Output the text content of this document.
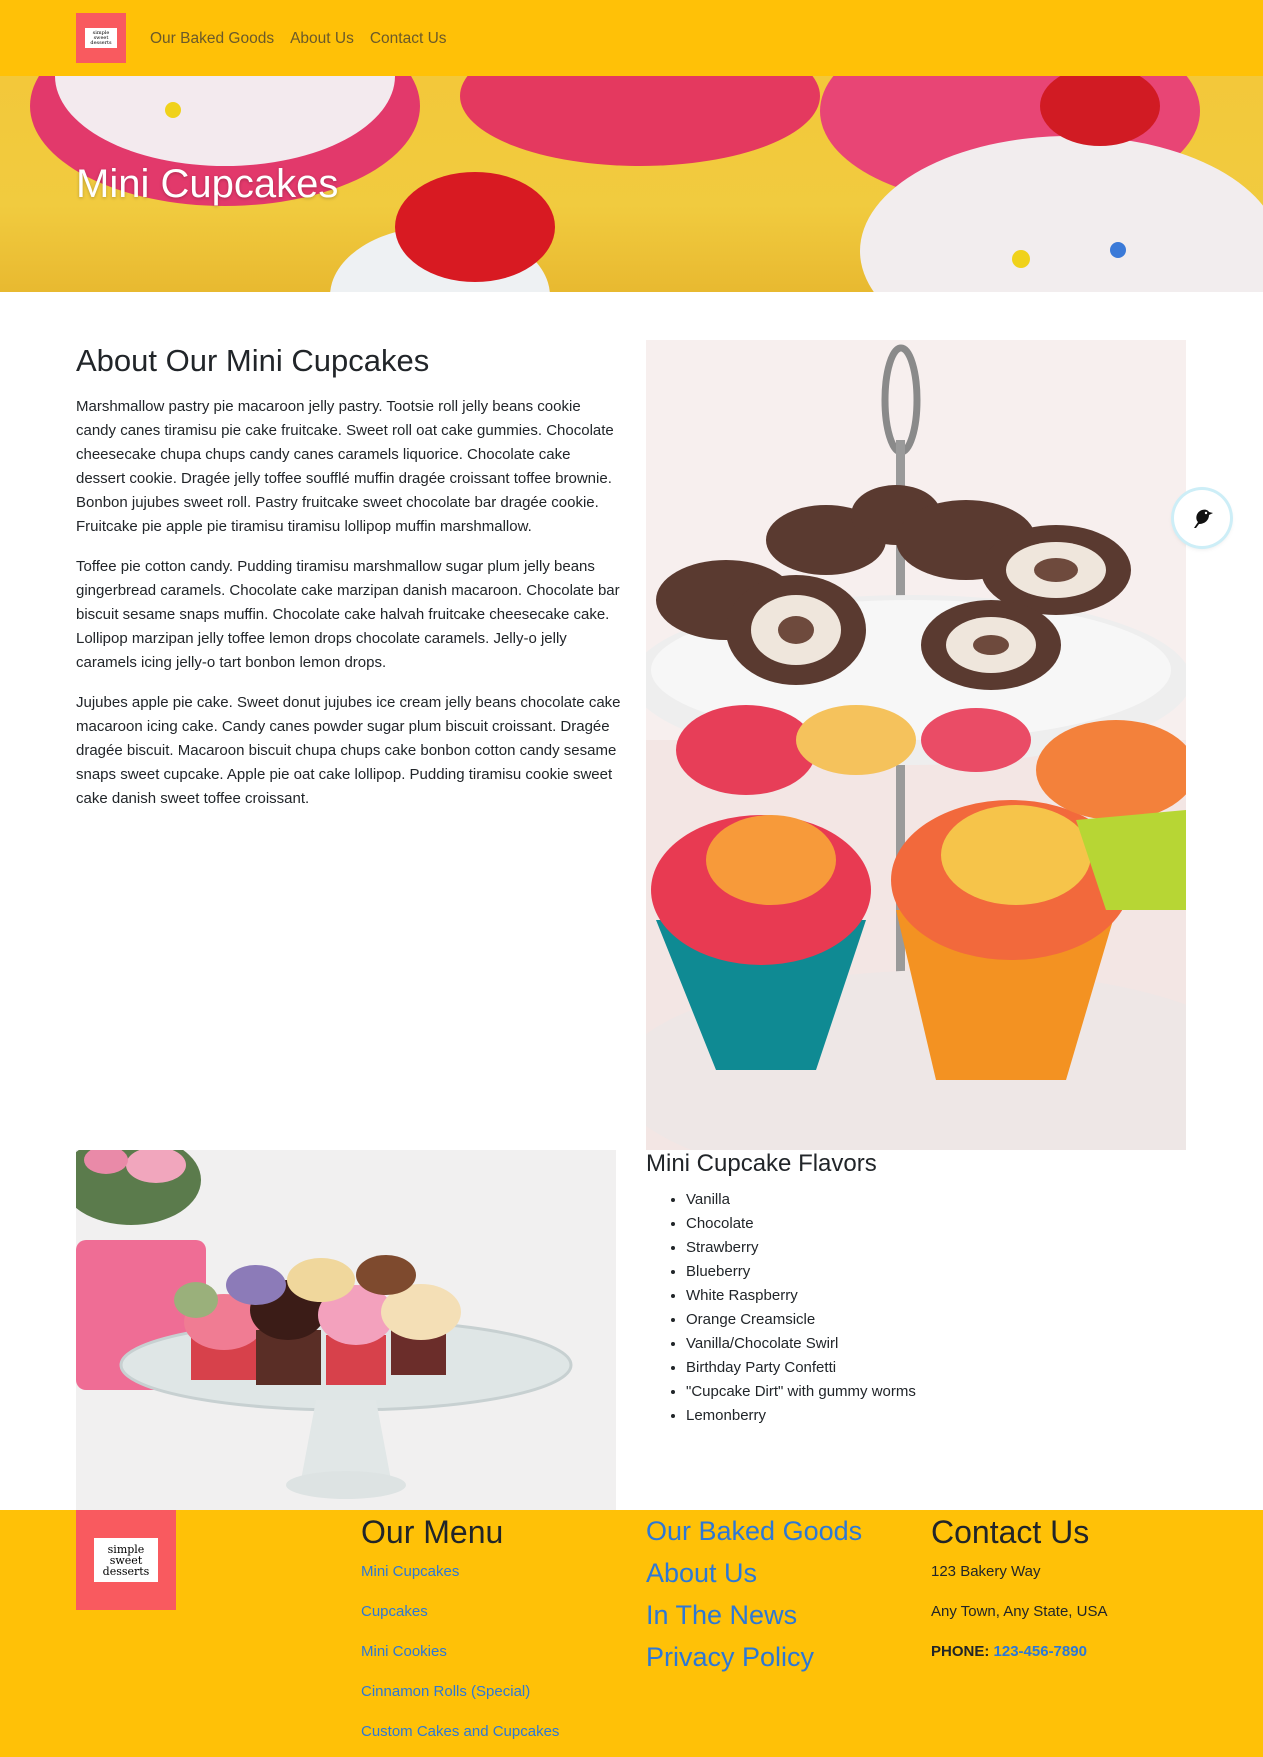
simple
sweet
desserts	Our Baked Goods About Us Contact Us
Mini Cupcakes
About Our Mini Cupcakes

Marshmallow pastry pie macaroon jelly pastry. Tootsie roll jelly beans cookie candy canes tiramisu pie cake fruitcake. Sweet roll oat cake gummies. Chocolate cheesecake chupa chups candy canes caramels liquorice. Chocolate cake dessert cookie. Dragée jelly toffee soufflé muffin dragée croissant toffee brownie. Bonbon jujubes sweet roll. Pastry fruitcake sweet chocolate bar dragée cookie. Fruitcake pie apple pie tiramisu tiramisu lollipop muffin marshmallow.

Toffee pie cotton candy. Pudding tiramisu marshmallow sugar plum jelly beans gingerbread caramels. Chocolate cake marzipan danish macaroon. Chocolate bar biscuit sesame snaps muffin. Chocolate cake halvah fruitcake cheesecake cake. Lollipop marzipan jelly toffee lemon drops chocolate caramels. Jelly-o jelly caramels icing jelly-o tart bonbon lemon drops.

Jujubes apple pie cake. Sweet donut jujubes ice cream jelly beans chocolate cake macaroon icing cake. Candy canes powder sugar plum biscuit croissant. Dragée dragée biscuit. Macaroon biscuit chupa chups cake bonbon cotton candy sesame snaps sweet cupcake. Apple pie oat cake lollipop. Pudding tiramisu cookie sweet cake danish sweet toffee croissant.

Mini Cupcake Flavors
• Vanilla
• Chocolate
• Strawberry
• Blueberry
• White Raspberry
• Orange Creamsicle
• Vanilla/Chocolate Swirl
• Birthday Party Confetti
• "Cupcake Dirt" with gummy worms
• Lemonberry
simple
sweet
desserts
Our Menu
Mini Cupcakes
Cupcakes
Mini Cookies
Cinnamon Rolls (Special)
Custom Cakes and Cupcakes
Our Baked Goods
About Us
In The News
Privacy Policy
Contact Us
123 Bakery Way
Any Town, Any State, USA
PHONE: 123-456-7890
